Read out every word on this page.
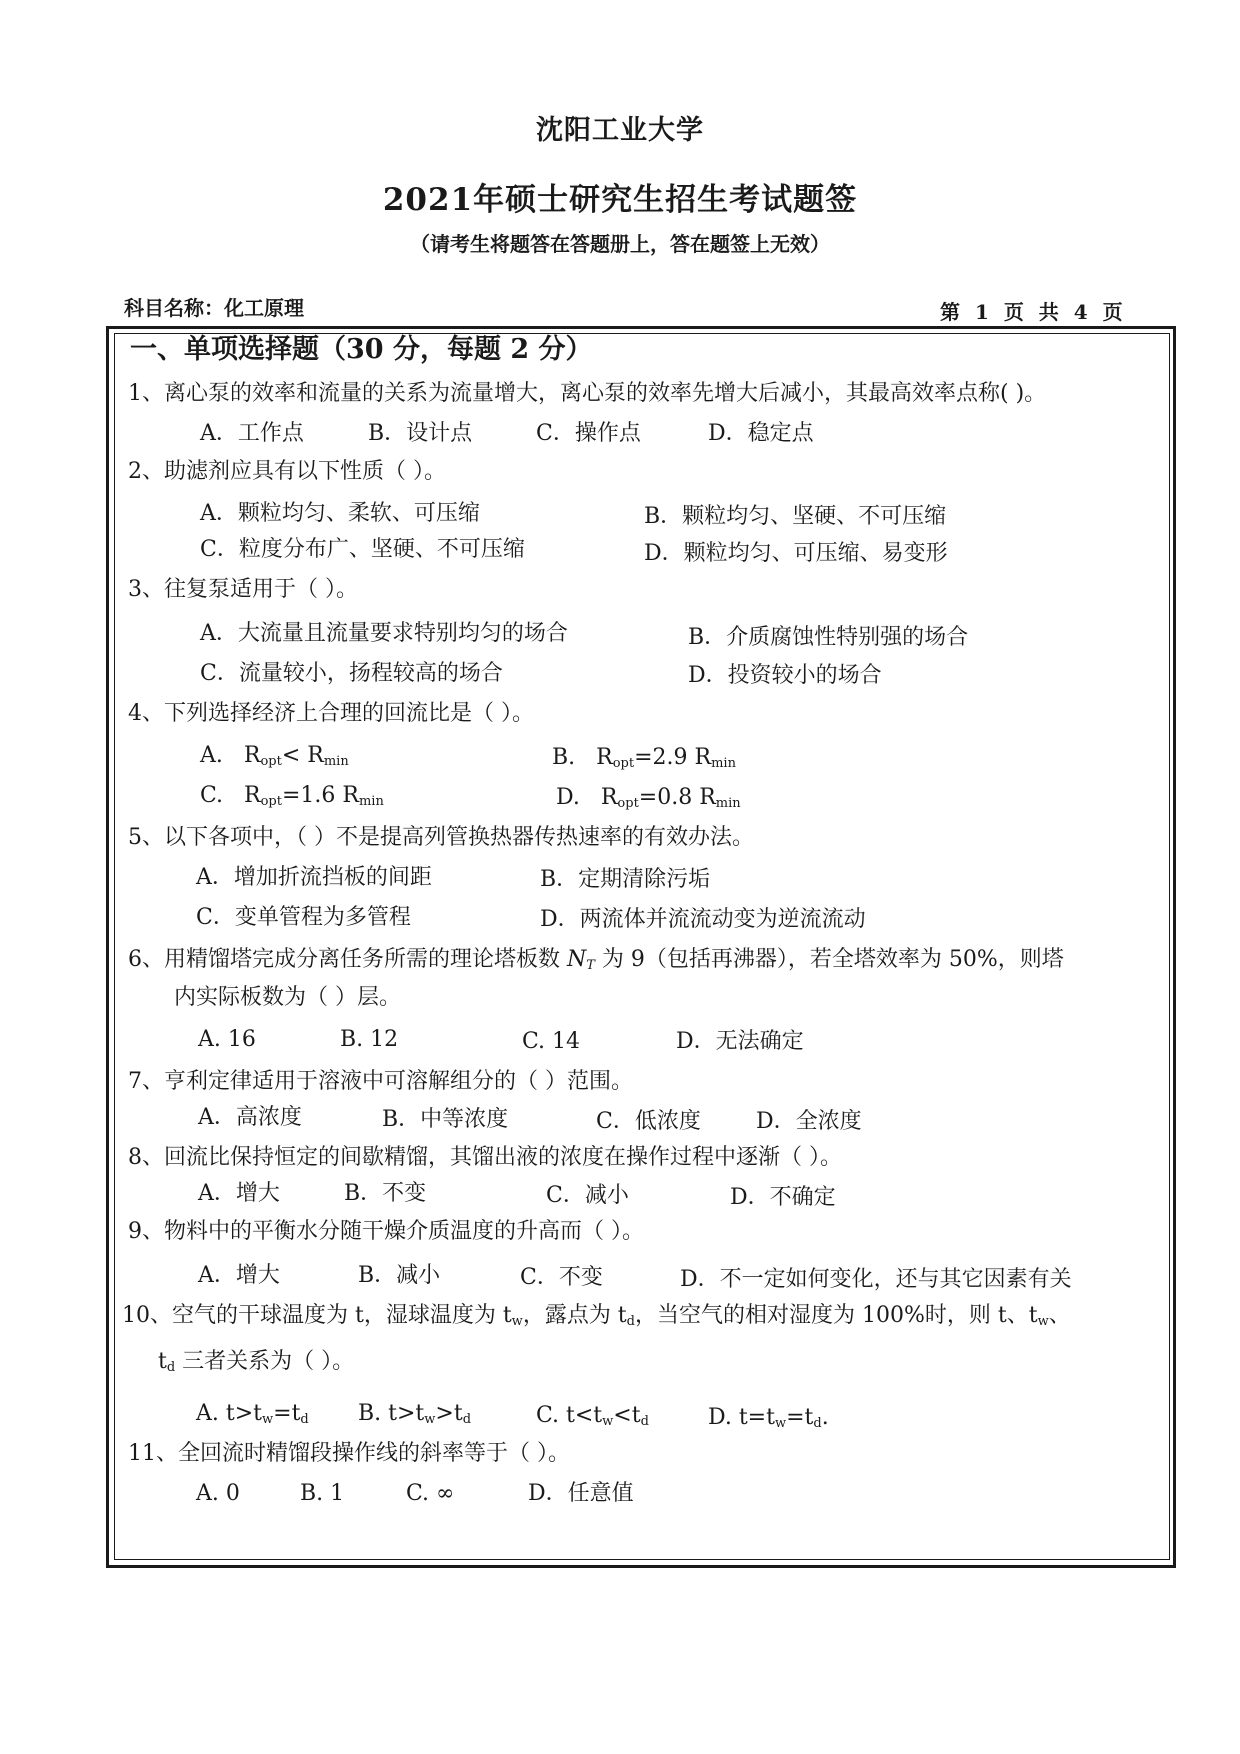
沈阳工业大学
2021年硕士研究生招生考试题签
（请考生将题答在答题册上，答在题签上无效）
科目名称：化工原理	第 1 页 共 4 页
一、单项选择题（30 分，每题 2 分）
1、离心泵的效率和流量的关系为流量增大，离心泵的效率先增大后减小，其最高效率点称( )。
A．工作点	B．设计点	C．操作点	D．稳定点
2、助滤剂应具有以下性质（ ）。
A．颗粒均匀、柔软、可压缩	B．颗粒均匀、坚硬、不可压缩
C．粒度分布广、坚硬、不可压缩	D．颗粒均匀、可压缩、易变形
3、往复泵适用于（ ）。
A．大流量且流量要求特别均匀的场合	B．介质腐蚀性特别强的场合
C．流量较小，扬程较高的场合	D．投资较小的场合
4、下列选择经济上合理的回流比是（ ）。
A. $R_{opt}< R_{min}$	B. $R_{opt}=2.9$ $R_{min}$
C. $R_{opt}=1.6$ $R_{min}$	D. $R_{opt}=0.8$ $R_{min}$
5、以下各项中，（ ）不是提高列管换热器传热速率的有效办法。
A．增加折流挡板的间距	B．定期清除污垢
C．变单管程为多管程	D．两流体并流流动变为逆流流动
6、用精馏塔完成分离任务所需的理论塔板数 $N_T$ 为 9（包括再沸器），若全塔效率为 50%，则塔
内实际板数为（ ）层。
A. 16	B. 12	C. 14	D．无法确定
7、亨利定律适用于溶液中可溶解组分的（ ）范围。
A．高浓度	B．中等浓度	C．低浓度	D．全浓度
8、回流比保持恒定的间歇精馏，其馏出液的浓度在操作过程中逐渐（ ）。
A．增大	B．不变	C．减小	D．不确定
9、物料中的平衡水分随干燥介质温度的升高而（ ）。
A．增大	B．减小	C．不变	D．不一定如何变化，还与其它因素有关
10、空气的干球温度为 t，湿球温度为 $t_w$，露点为 $t_d$，当空气的相对湿度为 100%时，则 t、$t_w$、
$t_d$ 三者关系为（ ）。
A. $t>t_w=t_d$ B. $t>t_w>t_d$	C. $t<t_w<t_d$	D. $t=t_w=t_d$.
11、全回流时精馏段操作线的斜率等于（ ）。
A. 0	B. 1	C. ∞	D．任意值
